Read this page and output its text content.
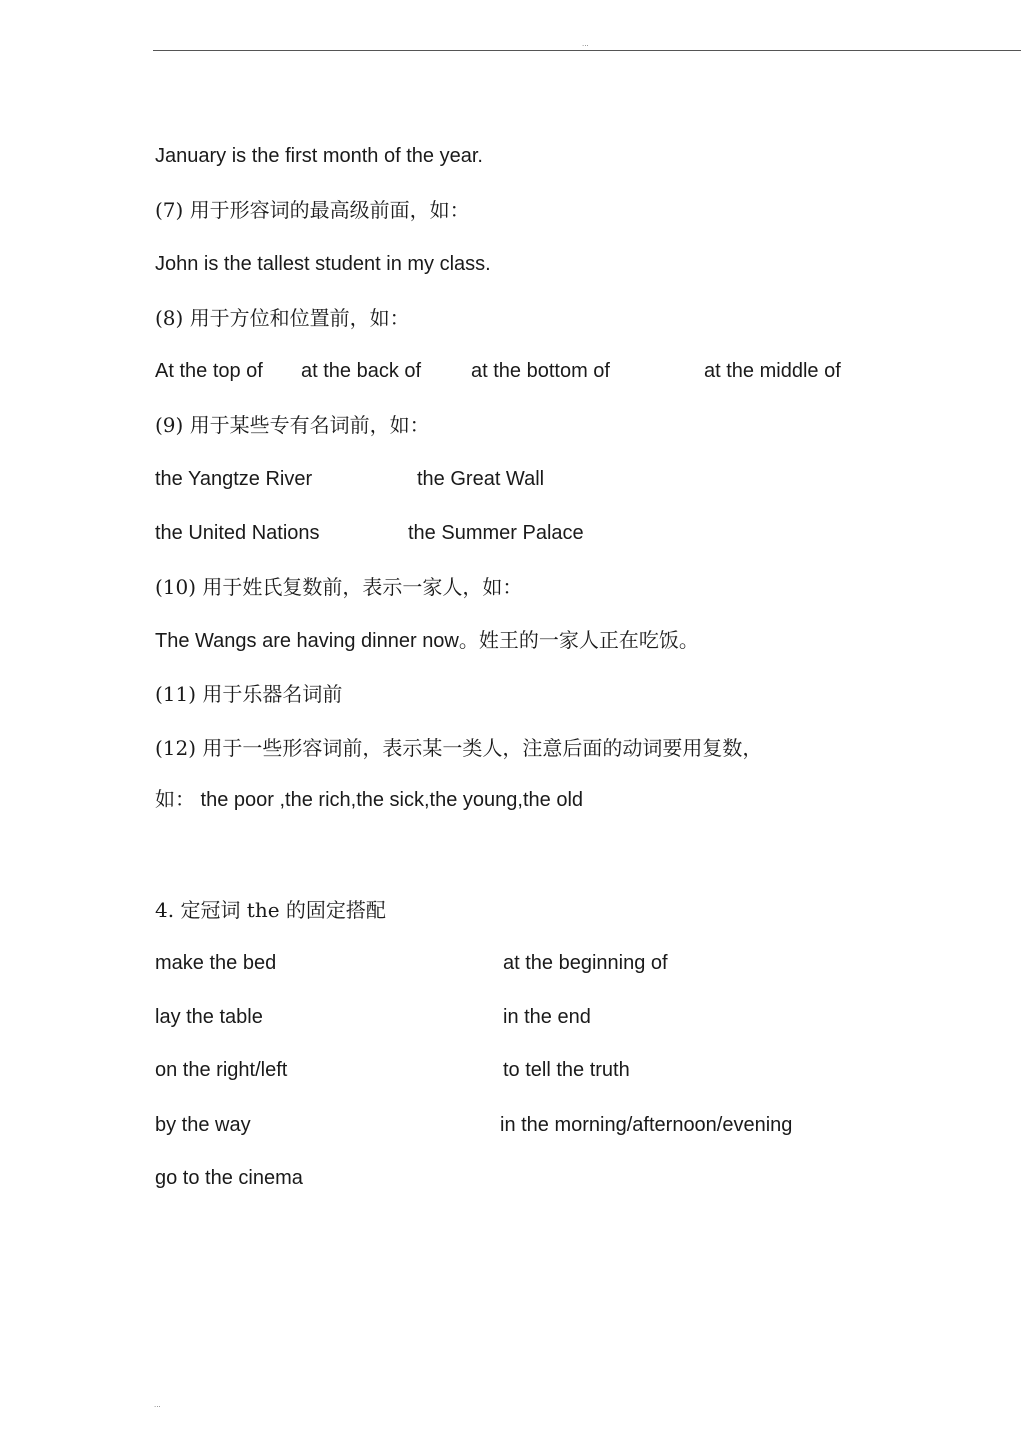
...
January is the first month of the year.
(7) 用于形容词的最高级前面，如：
John is the tallest student in my class.
(8) 用于方位和位置前，如：
At the top of at the back of at the bottom of	at the middle of
(9) 用于某些专有名词前，如：
the Yangtze River	the Great Wall
the United Nations	the Summer Palace
(10) 用于姓氏复数前，表示一家人，如：
The Wangs are having dinner now。姓王的一家人正在吃饭。
(11) 用于乐器名词前
(12) 用于一些形容词前，表示某一类人，注意后面的动词要用复数，
如： the poor ,the rich,the sick,the young,the old
4. 定冠词 the 的固定搭配
make the bed	at the beginning of
lay the table	in the end
on the right/left	to tell the truth
by the way	in the morning/afternoon/evening
go to the cinema
...
